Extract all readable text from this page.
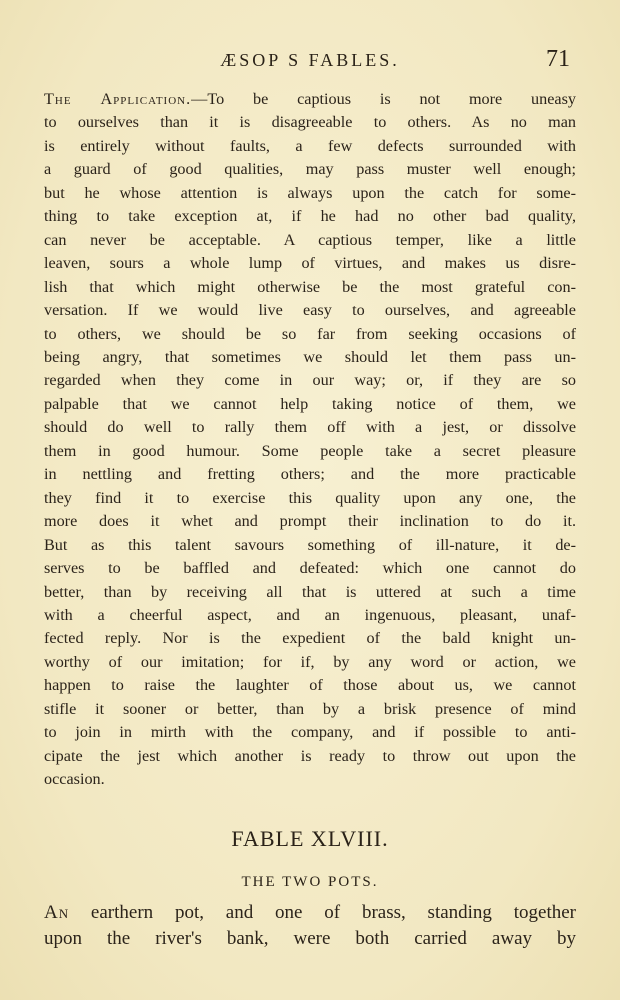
ÆSOP S FABLES.	71
The Application.—To be captious is not more uneasy
to ourselves than it is disagreeable to others. As no man
is entirely without faults, a few defects surrounded with
a guard of good qualities, may pass muster well enough;
but he whose attention is always upon the catch for some-
thing to take exception at, if he had no other bad quality,
can never be acceptable. A captious temper, like a little
leaven, sours a whole lump of virtues, and makes us disre-
lish that which might otherwise be the most grateful con-
versation. If we would live easy to ourselves, and agreeable
to others, we should be so far from seeking occasions of
being angry, that sometimes we should let them pass un-
regarded when they come in our way; or, if they are so
palpable that we cannot help taking notice of them, we
should do well to rally them off with a jest, or dissolve
them in good humour. Some people take a secret pleasure
in nettling and fretting others; and the more practicable
they find it to exercise this quality upon any one, the
more does it whet and prompt their inclination to do it.
But as this talent savours something of ill-nature, it de-
serves to be baffled and defeated: which one cannot do
better, than by receiving all that is uttered at such a time
with a cheerful aspect, and an ingenuous, pleasant, unaf-
fected reply. Nor is the expedient of the bald knight un-
worthy of our imitation; for if, by any word or action, we
happen to raise the laughter of those about us, we cannot
stifle it sooner or better, than by a brisk presence of mind
to join in mirth with the company, and if possible to anti-
cipate the jest which another is ready to throw out upon the
occasion.
FABLE XLVIII.
THE TWO POTS.
An earthern pot, and one of brass, standing together
upon the river's bank, were both carried away by
